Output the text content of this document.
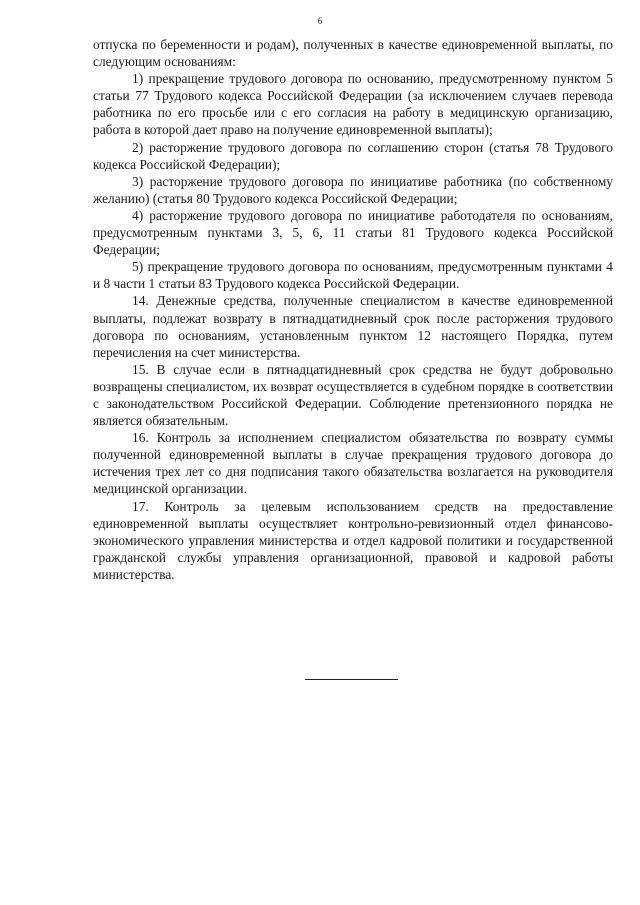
6

отпуска по беременности и родам), полученных в качестве единовременной выплаты, по следующим основаниям:

1) прекращение трудового договора по основанию, предусмотренному пунктом 5 статьи 77 Трудового кодекса Российской Федерации (за исключением случаев перевода работника по его просьбе или с его согласия на работу в медицинскую организацию, работа в которой дает право на получение единовременной выплаты);

2) расторжение трудового договора по соглашению сторон (статья 78 Трудового кодекса Российской Федерации);

3) расторжение трудового договора по инициативе работника (по собственному желанию) (статья 80 Трудового кодекса Российской Федерации;

4) расторжение трудового договора по инициативе работодателя по основаниям, предусмотренным пунктами 3, 5, 6, 11 статьи 81 Трудового кодекса Российской Федерации;

5) прекращение трудового договора по основаниям, предусмотренным пунктами 4 и 8 части 1 статьи 83 Трудового кодекса Российской Федерации.

14. Денежные средства, полученные специалистом в качестве единовременной выплаты, подлежат возврату в пятнадцатидневный срок после расторжения трудового договора по основаниям, установленным пунктом 12 настоящего Порядка, путем перечисления на счет министерства.

15. В случае если в пятнадцатидневный срок средства не будут добровольно возвращены специалистом, их возврат осуществляется в судебном порядке в соответствии с законодательством Российской Федерации. Соблюдение претензионного порядка не является обязательным.

16. Контроль за исполнением специалистом обязательства по возврату суммы полученной единовременной выплаты в случае прекращения трудового договора до истечения трех лет со дня подписания такого обязательства возлагается на руководителя медицинской организации.

17. Контроль за целевым использованием средств на предоставление единовременной выплаты осуществляет контрольно-ревизионный отдел финансово-экономического управления министерства и отдел кадровой политики и государственной гражданской службы управления организационной, правовой и кадровой работы министерства.
